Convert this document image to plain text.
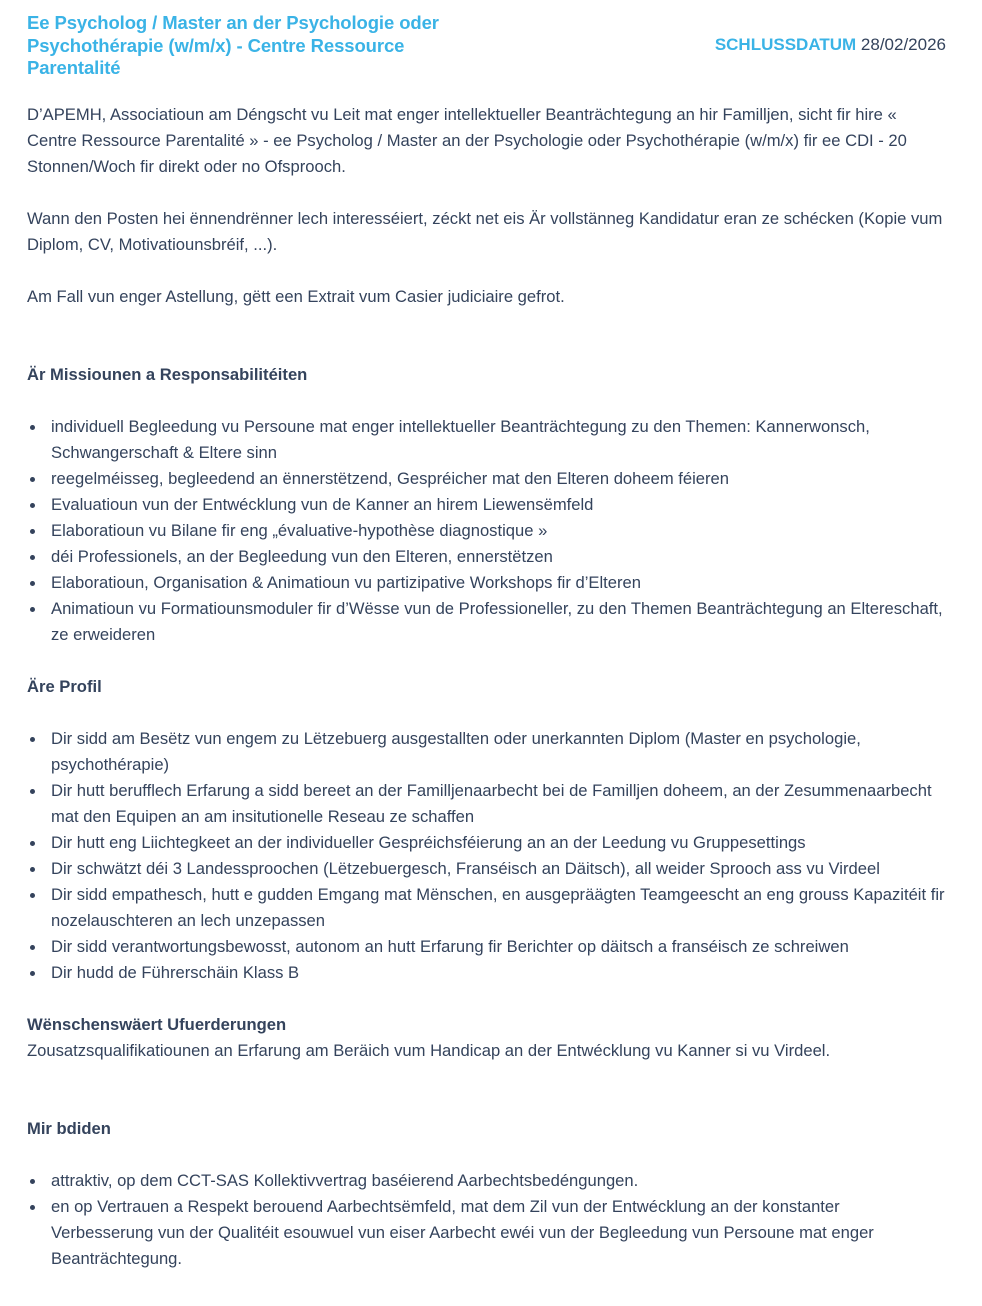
Ee Psycholog / Master an der Psychologie oder Psychothérapie (w/m/x) - Centre Ressource Parentalité
SCHLUSSDATUM 28/02/2026

D’APEMH, Associatioun am Déngscht vu Leit mat enger intellektueller Beanträchtegung an hir Familljen, sicht fir hire « Centre Ressource Parentalité » - ee Psycholog / Master an der Psychologie oder Psychothérapie (w/m/x) fir ee CDI - 20 Stonnen/Woch fir direkt oder no Ofsprooch.

Wann den Posten hei ënnendrënner lech interesséiert, zéckt net eis Är vollstänneg Kandidatur eran ze schécken (Kopie vum Diplom, CV, Motivatiounsbréif, ...).

Am Fall vun enger Astellung, gëtt een Extrait vum Casier judiciaire gefrot.

Är Missiounen a Responsabilitéiten

individuell Begleedung vu Persoune mat enger intellektueller Beanträchtegung zu den Themen: Kannerwonsch, Schwangerschaft & Eltere sinn
reegelméisseg, begleedend an ënnerstëtzend, Gespréicher mat den Elteren doheem féieren
Evaluatioun vun der Entwécklung vun de Kanner an hirem Liewensëmfeld
Elaboratioun vu Bilane fir eng „évaluative-hypothèse diagnostique »
déi Professionels, an der Begleedung vun den Elteren, ennerstëtzen
Elaboratioun, Organisation & Animatioun vu partizipative Workshops fir d’Elteren
Animatioun vu Formatiounsmoduler fir d’Wësse vun de Professioneller, zu den Themen Beanträchtegung an Eltereschaft, ze erweideren

Äre Profil

Dir sidd am Besëtz vun engem zu Lëtzebuerg ausgestallten oder unerkannten Diplom (Master en psychologie, psychothérapie)
Dir hutt berufflech Erfarung a sidd bereet an der Familljenaarbecht bei de Familljen doheem, an der Zesummenaarbecht mat den Equipen an am insitutionelle Reseau ze schaffen
Dir hutt eng Liichtegkeet an der individueller Gespréichsféierung an an der Leedung vu Gruppesettings
Dir schwätzt déi 3 Landessproochen (Lëtzebuergesch, Franséisch an Däitsch), all weider Sprooch ass vu Virdeel
Dir sidd empathesch, hutt e gudden Emgang mat Mënschen, en ausgepräägten Teamgeescht an eng grouss Kapazitéit fir nozelauschteren an lech unzepassen
Dir sidd verantwortungsbewosst, autonom an hutt Erfarung fir Berichter op däitsch a franséisch ze schreiwen
Dir hudd de Führerschäin Klass B

Wënschenswäert Ufuerderungen

Zousatzsqualifikatiounen an Erfarung am Beräich vum Handicap an der Entwécklung vu Kanner si vu Virdeel.

Mir bdiden

attraktiv, op dem CCT-SAS Kollektivvertrag baséierend Aarbechtsbedéngungen.
en op Vertrauen a Respekt berouend Aarbechtsëmfeld, mat dem Zil vun der Entwécklung an der konstanter Verbesserung vun der Qualitéit esouwuel vun eiser Aarbecht ewéi vun der Begleedung vun Persoune mat enger Beanträchtegung.
